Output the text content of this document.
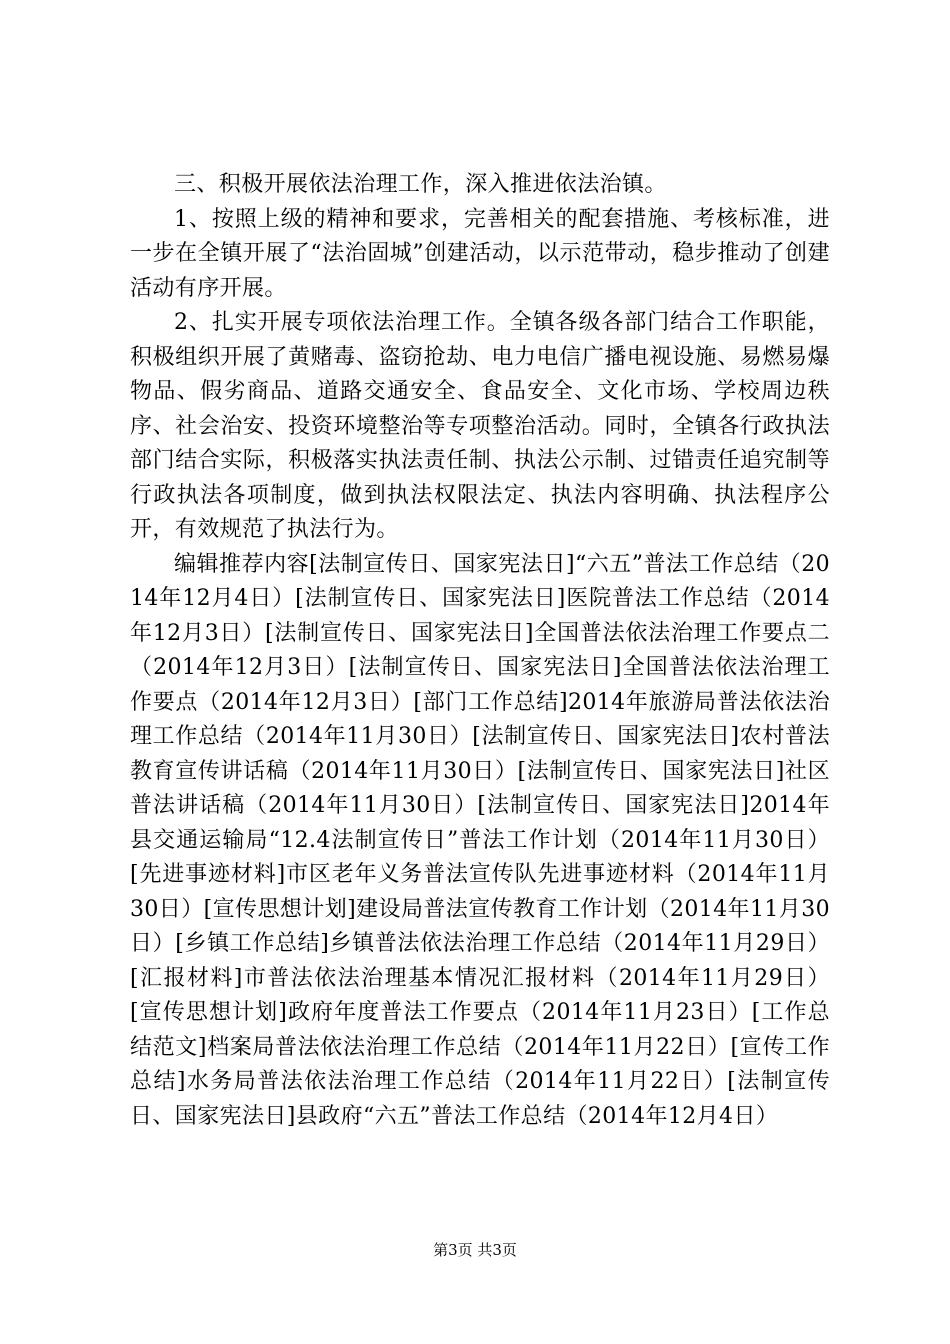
三、积极开展依法治理工作，深入推进依法治镇。

1、按照上级的精神和要求，完善相关的配套措施、考核标准，进一步在全镇开展了“法治固城”创建活动，以示范带动，稳步推动了创建活动有序开展。

2、扎实开展专项依法治理工作。全镇各级各部门结合工作职能，积极组织开展了黄赌毒、盗窃抢劫、电力电信广播电视设施、易燃易爆物品、假劣商品、道路交通安全、食品安全、文化市场、学校周边秩序、社会治安、投资环境整治等专项整治活动。同时，全镇各行政执法部门结合实际，积极落实执法责任制、执法公示制、过错责任追究制等行政执法各项制度，做到执法权限法定、执法内容明确、执法程序公开，有效规范了执法行为。

编辑推荐内容[法制宣传日、国家宪法日]“六五”普法工作总结（2014年12月4日）[法制宣传日、国家宪法日]医院普法工作总结（2014年12月3日）[法制宣传日、国家宪法日]全国普法依法治理工作要点二（2014年12月3日）[法制宣传日、国家宪法日]全国普法依法治理工作要点（2014年12月3日）[部门工作总结]2014年旅游局普法依法治理工作总结（2014年11月30日）[法制宣传日、国家宪法日]农村普法教育宣传讲话稿（2014年11月30日）[法制宣传日、国家宪法日]社区普法讲话稿（2014年11月30日）[法制宣传日、国家宪法日]2014年县交通运输局“12.4法制宣传日”普法工作计划（2014年11月30日）[先进事迹材料]市区老年义务普法宣传队先进事迹材料（2014年11月30日）[宣传思想计划]建设局普法宣传教育工作计划（2014年11月30日）[乡镇工作总结]乡镇普法依法治理工作总结（2014年11月29日）[汇报材料]市普法依法治理基本情况汇报材料（2014年11月29日）[宣传思想计划]政府年度普法工作要点（2014年11月23日）[工作总结范文]档案局普法依法治理工作总结（2014年11月22日）[宣传工作总结]水务局普法依法治理工作总结（2014年11月22日）[法制宣传日、国家宪法日]县政府“六五”普法工作总结（2014年12月4日）

第3页 共3页
